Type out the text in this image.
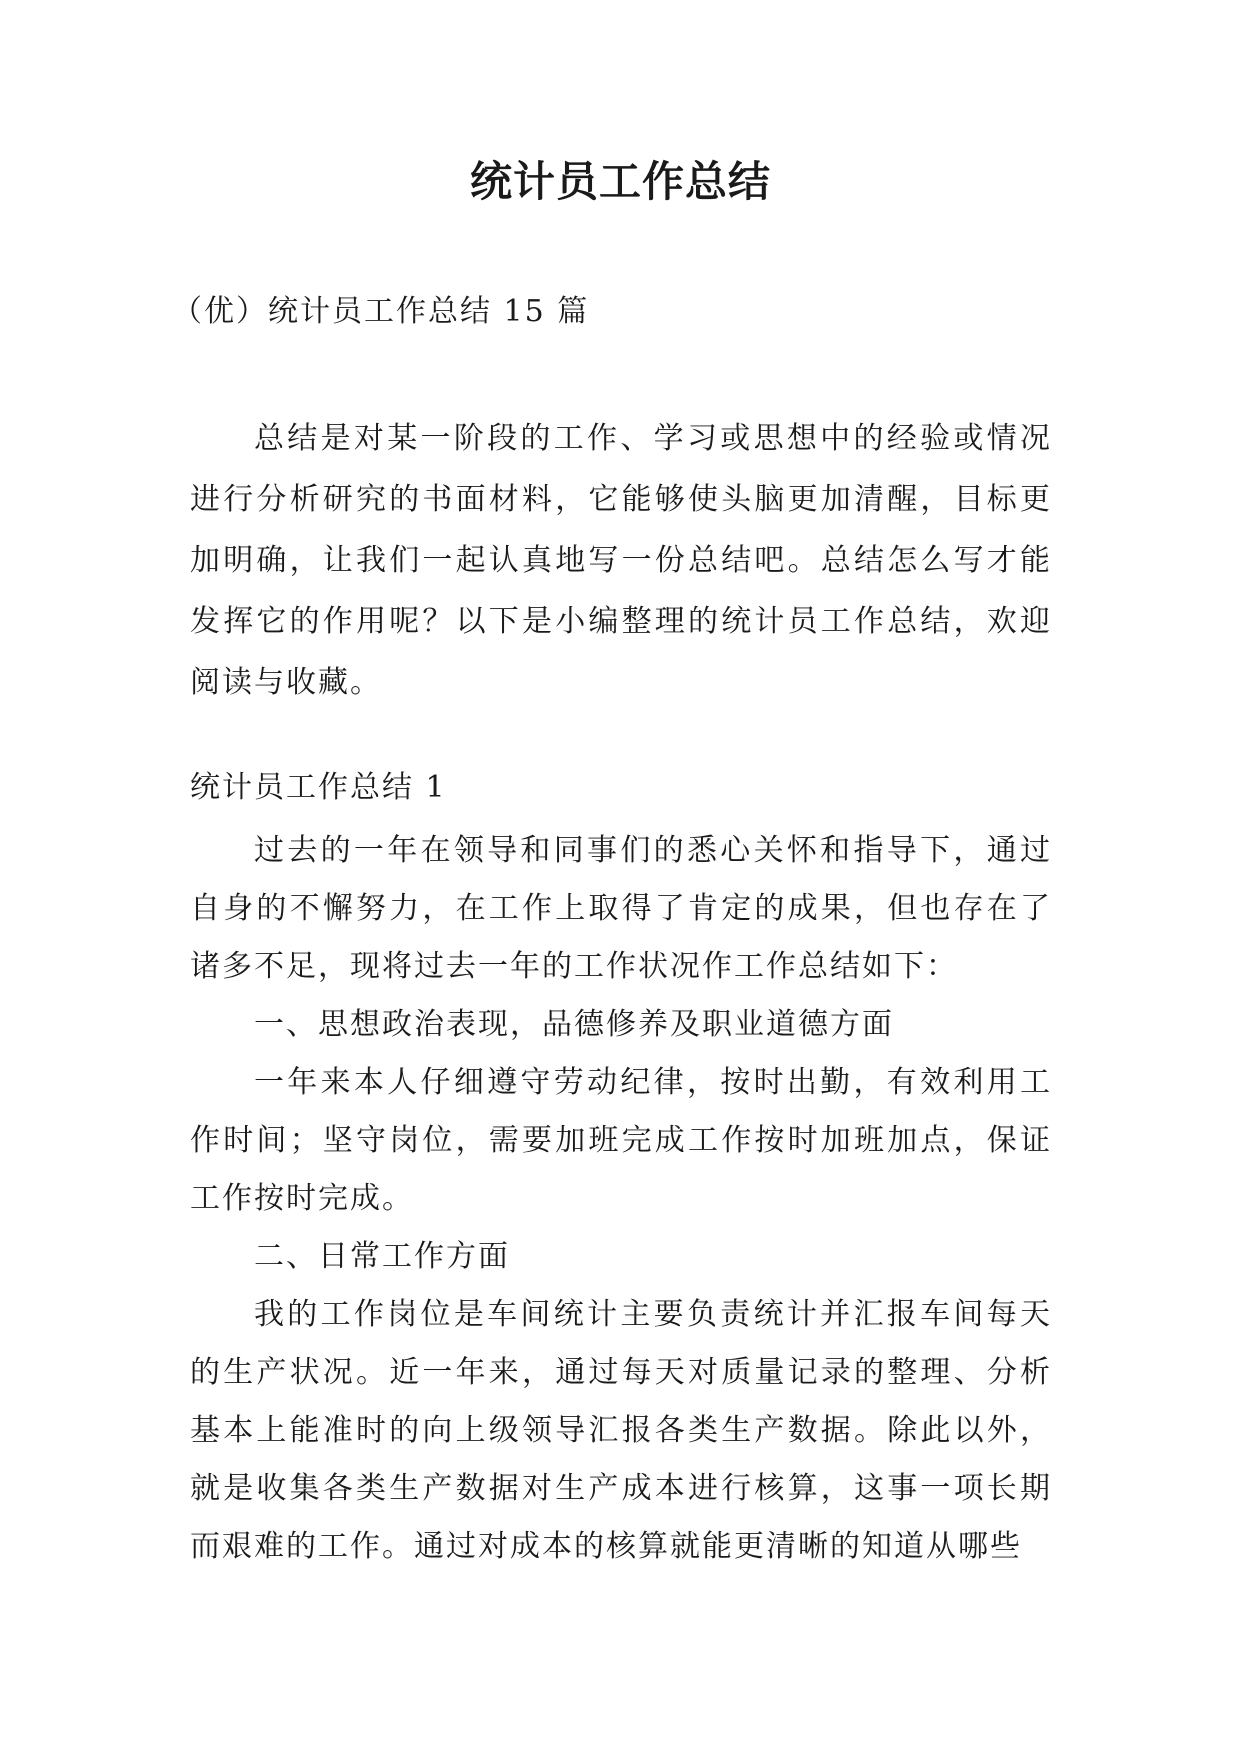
统计员工作总结
（优）统计员工作总结 15 篇

总结是对某一阶段的工作、学习或思想中的经验或情况进行分析研究的书面材料，它能够使头脑更加清醒，目标更加明确，让我们一起认真地写一份总结吧。总结怎么写才能发挥它的作用呢？以下是小编整理的统计员工作总结，欢迎阅读与收藏。

统计员工作总结 1

过去的一年在领导和同事们的悉心关怀和指导下，通过自身的不懈努力，在工作上取得了肯定的成果，但也存在了诸多不足，现将过去一年的工作状况作工作总结如下：

一、思想政治表现，品德修养及职业道德方面

一年来本人仔细遵守劳动纪律，按时出勤，有效利用工作时间；坚守岗位，需要加班完成工作按时加班加点，保证工作按时完成。

二、日常工作方面

我的工作岗位是车间统计主要负责统计并汇报车间每天的生产状况。近一年来，通过每天对质量记录的整理、分析基本上能准时的向上级领导汇报各类生产数据。除此以外，就是收集各类生产数据对生产成本进行核算，这事一项长期而艰难的工作。通过对成本的核算就能更清晰的知道从哪些
